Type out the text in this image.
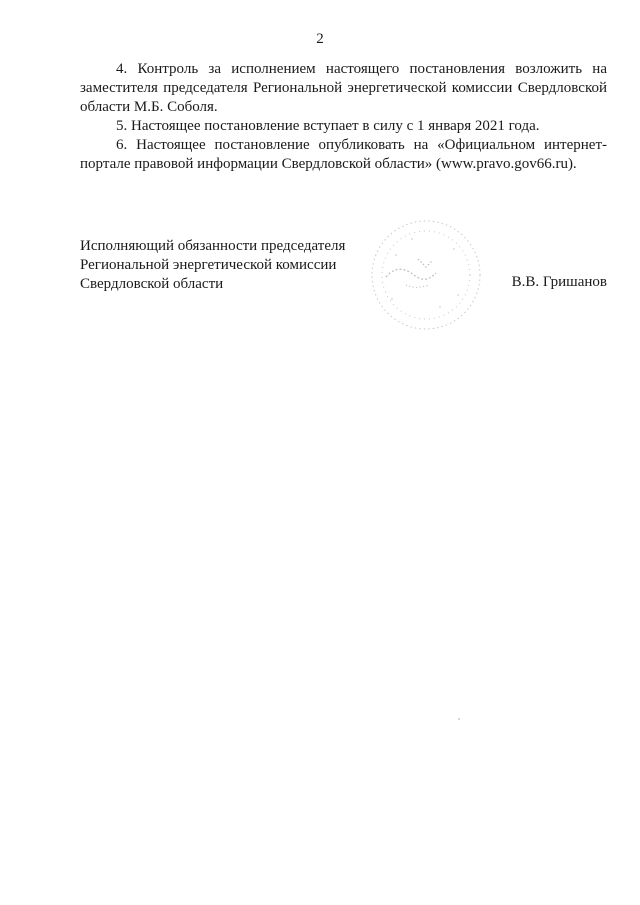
2

4. Контроль за исполнением настоящего постановления возложить на заместителя председателя Региональной энергетической комиссии Свердловской области М.Б. Соболя.

5. Настоящее постановление вступает в силу с 1 января 2021 года.

6. Настоящее постановление опубликовать на «Официальном интернет-портале правовой информации Свердловской области» (www.pravo.gov66.ru).

Исполняющий обязанности председателя
Региональной энергетической комиссии
Свердловской области	В.В. Гришанов
